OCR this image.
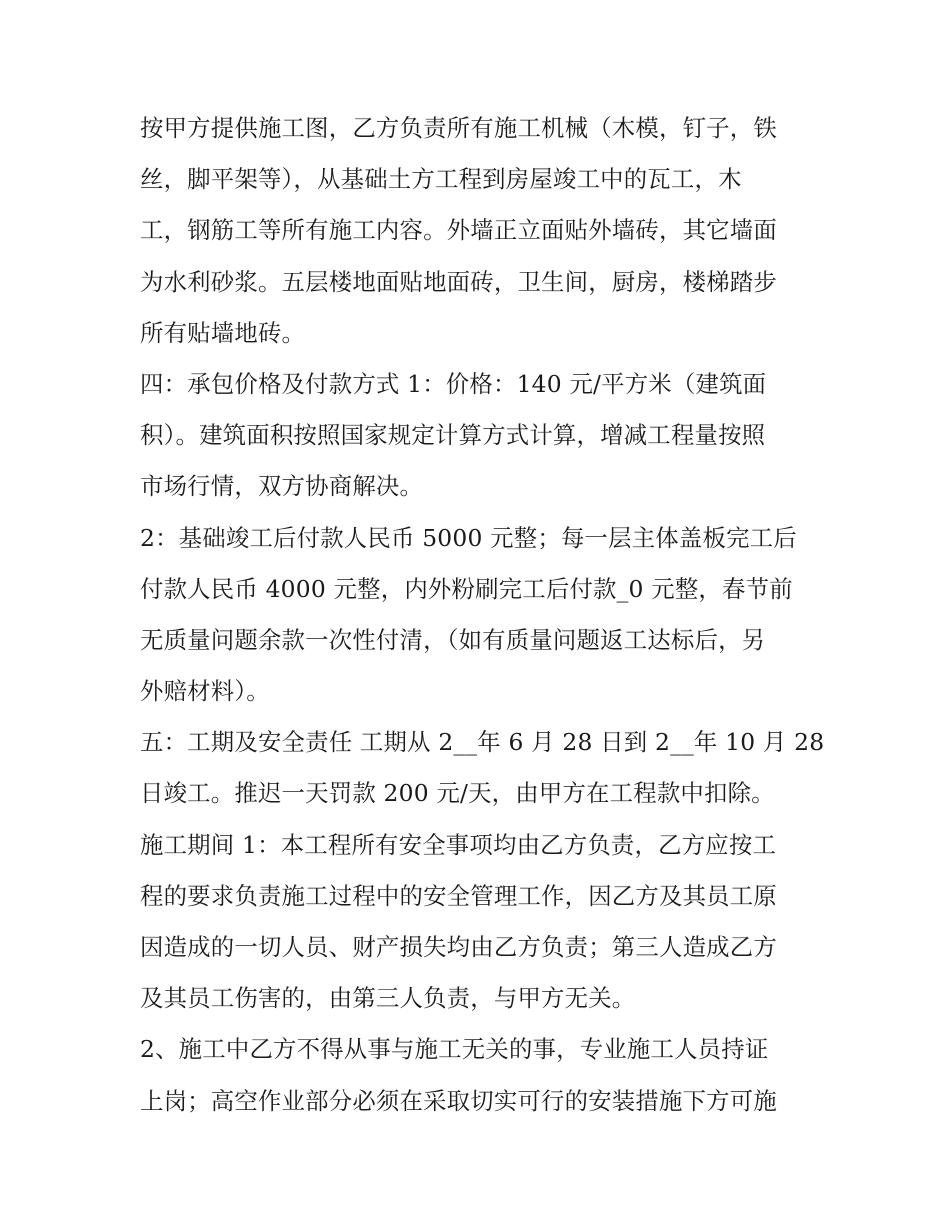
按甲方提供施工图，乙方负责所有施工机械（木模，钉子，铁
丝，脚平架等），从基础土方工程到房屋竣工中的瓦工，木
工，钢筋工等所有施工内容。外墙正立面贴外墙砖，其它墙面
为水利砂浆。五层楼地面贴地面砖，卫生间，厨房，楼梯踏步
所有贴墙地砖。
四：承包价格及付款方式 1：价格：140 元/平方米（建筑面
积）。建筑面积按照国家规定计算方式计算，增减工程量按照
市场行情，双方协商解决。
2：基础竣工后付款人民币 5000 元整；每一层主体盖板完工后
付款人民币 4000 元整，内外粉刷完工后付款_0 元整，春节前
无质量问题余款一次性付清，（如有质量问题返工达标后，另
外赔材料）。
五：工期及安全责任 工期从 2__年 6 月 28 日到 2__年 10 月 28
日竣工。推迟一天罚款 200 元/天，由甲方在工程款中扣除。
施工期间 1：本工程所有安全事项均由乙方负责，乙方应按工
程的要求负责施工过程中的安全管理工作，因乙方及其员工原
因造成的一切人员、财产损失均由乙方负责；第三人造成乙方
及其员工伤害的，由第三人负责，与甲方无关。
2、施工中乙方不得从事与施工无关的事，专业施工人员持证
上岗；高空作业部分必须在采取切实可行的安装措施下方可施
